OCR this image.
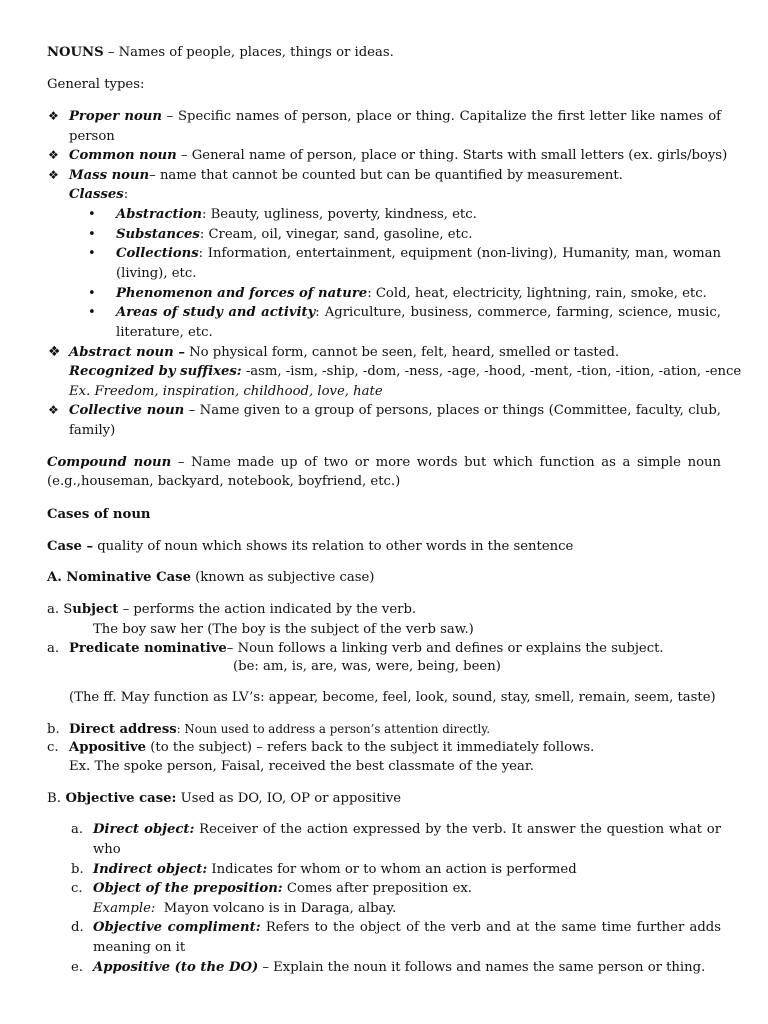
NOUNS – Names of people, places, things or ideas.
General types:
❖ Proper noun – Specific names of person, place or thing. Capitalize the first letter like names of
person
❖ Common noun – General name of person, place or thing. Starts with small letters (ex. girls/boys)
❖ Mass noun– name that cannot be counted but can be quantified by measurement.
Classes:
• Abstraction: Beauty, ugliness, poverty, kindness, etc.
• Substances: Cream, oil, vinegar, sand, gasoline, etc.
• Collections: Information, entertainment, equipment (non-living), Humanity, man, woman
(living), etc.
• Phenomenon and forces of nature: Cold, heat, electricity, lightning, rain, smoke, etc.
• Areas of study and activity: Agriculture, business, commerce, farming, science, music,
literature, etc.
❖ Abstract noun – No physical form, cannot be seen, felt, heard, smelled or tasted.
Recognized by suffixes: -asm, -ism, -ship, -dom, -ness, -age, -hood, -ment, -tion, -ition, -ation, -ence
Ex. Freedom, inspiration, childhood, love, hate
❖ Collective noun – Name given to a group of persons, places or things (Committee, faculty, club,
family)
Compound noun – Name made up of two or more words but which function as a simple noun
(e.g.,houseman, backyard, notebook, boyfriend, etc.)
Cases of noun
Case – quality of noun which shows its relation to other words in the sentence
A. Nominative Case (known as subjective case)
a. Subject – performs the action indicated by the verb.
The boy saw her (The boy is the subject of the verb saw.)
a. Predicate nominative– Noun follows a linking verb and defines or explains the subject.
(be: am, is, are, was, were, being, been)
(The ff. May function as LV’s: appear, become, feel, look, sound, stay, smell, remain, seem, taste)
b. Direct address: Noun used to address a person’s attention directly.
c. Appositive (to the subject) – refers back to the subject it immediately follows.
Ex. The spoke person, Faisal, received the best classmate of the year.
B. Objective case: Used as DO, IO, OP or appositive
a. Direct object: Receiver of the action expressed by the verb. It answer the question what or
who
b. Indirect object: Indicates for whom or to whom an action is performed
c. Object of the preposition: Comes after preposition ex.
Example:  Mayon volcano is in Daraga, albay.
d. Objective compliment: Refers to the object of the verb and at the same time further adds
meaning on it
e. Appositive (to the DO) – Explain the noun it follows and names the same person or thing.
